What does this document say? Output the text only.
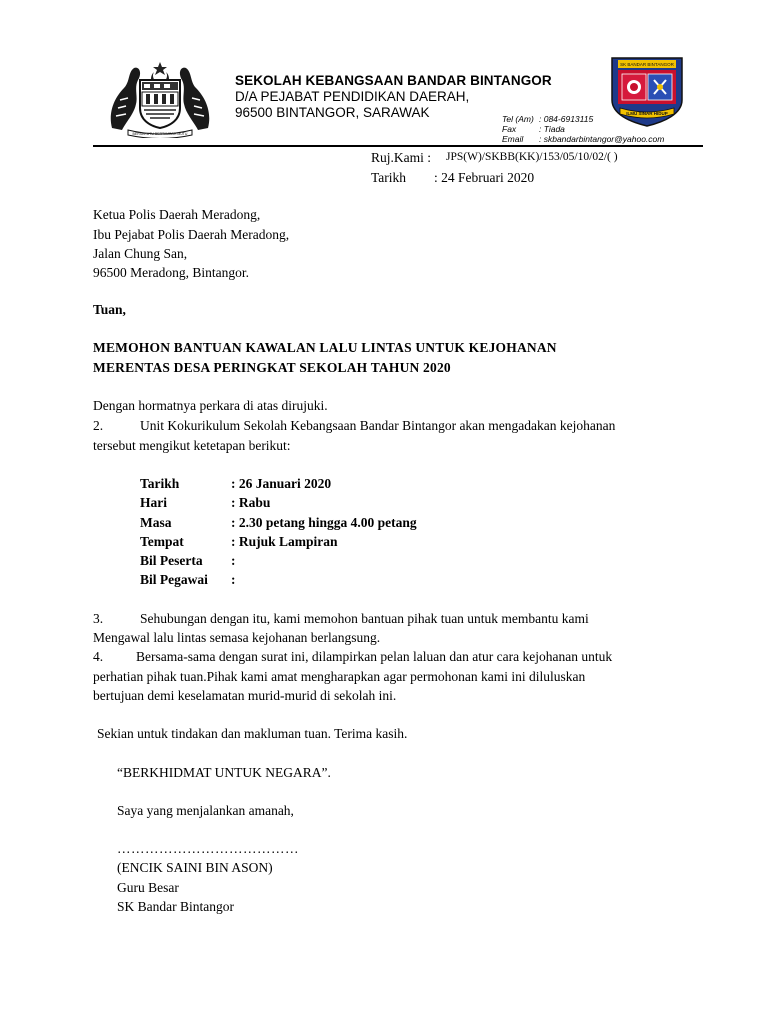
BERSEKUTU BERTAMBAH MUTU
SEKOLAH KEBANGSAAN BANDAR BINTANGOR
D/A PEJABAT PENDIDIKAN DAERAH,
96500 BINTANGOR, SARAWAK	Tel (Am) : 084-6913115
Fax	: Tiada
Email : skbandarbintangor@yahoo.com
SK BANDAR BINTANGOR
ILMU SINAR HIDUP
Ruj.Kami : JPS(W)/SKBB(KK)/153/05/10/02/( )
Tarikh : 24 Februari 2020
Ketua Polis Daerah Meradong,
Ibu Pejabat Polis Daerah Meradong,
Jalan Chung San,
96500 Meradong, Bintangor.
Tuan,
MEMOHON BANTUAN KAWALAN LALU LINTAS UNTUK KEJOHANAN
MERENTAS DESA PERINGKAT SEKOLAH TAHUN 2020
Dengan hormatnya perkara di atas dirujuki.
2.	Unit Kokurikulum Sekolah Kebangsaan Bandar Bintangor akan mengadakan kejohanan
tersebut mengikut ketetapan berikut:
Tarikh	: 26 Januari 2020
Hari	: Rabu
Masa	: 2.30 petang hingga 4.00 petang
Tempat	: Rujuk Lampiran
Bil Peserta :
Bil Pegawai :
3.	Sehubungan dengan itu, kami memohon bantuan pihak tuan untuk membantu kami
Mengawal lalu lintas semasa kejohanan berlangsung.
4. Bersama-sama dengan surat ini, dilampirkan pelan laluan dan atur cara kejohanan untuk
perhatian pihak tuan.Pihak kami amat mengharapkan agar permohonan kami ini diluluskan
bertujuan demi keselamatan murid-murid di sekolah ini.
Sekian untuk tindakan dan makluman tuan. Terima kasih.
“BERKHIDMAT UNTUK NEGARA”.
Saya yang menjalankan amanah,
…………………………………
(ENCIK SAINI BIN ASON)
Guru Besar
SK Bandar Bintangor
